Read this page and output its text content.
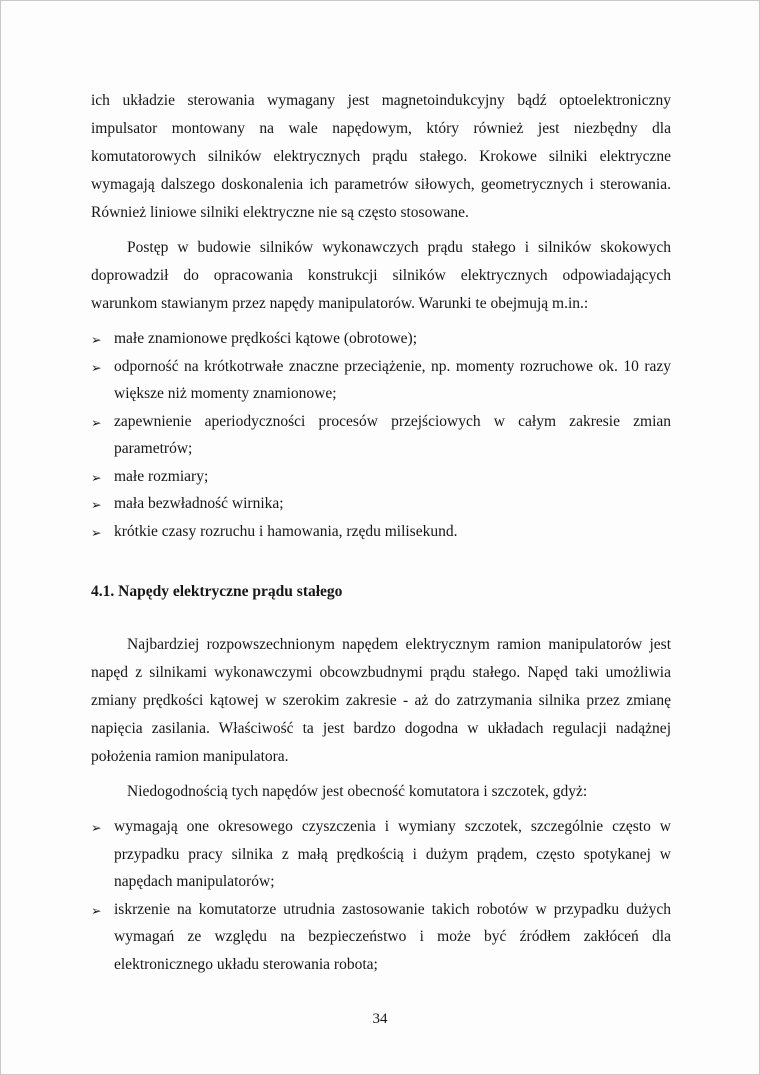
ich układzie sterowania wymagany jest magnetoindukcyjny bądź optoelektroniczny impulsator montowany na wale napędowym, który również jest niezbędny dla komutatorowych silników elektrycznych prądu stałego. Krokowe silniki elektryczne wymagają dalszego doskonalenia ich parametrów siłowych, geometrycznych i sterowania. Również liniowe silniki elektryczne nie są często stosowane.

Postęp w budowie silników wykonawczych prądu stałego i silników skokowych doprowadził do opracowania konstrukcji silników elektrycznych odpowiadających warunkom stawianym przez napędy manipulatorów. Warunki te obejmują m.in.:

➢ małe znamionowe prędkości kątowe (obrotowe);
➢ odporność na krótkotrwałe znaczne przeciążenie, np. momenty rozruchowe ok. 10 razy większe niż momenty znamionowe;
➢ zapewnienie aperiodyczności procesów przejściowych w całym zakresie zmian parametrów;
➢ małe rozmiary;
➢ mała bezwładność wirnika;
➢ krótkie czasy rozruchu i hamowania, rzędu milisekund.
4.1. Napędy elektryczne prądu stałego

Najbardziej rozpowszechnionym napędem elektrycznym ramion manipulatorów jest napęd z silnikami wykonawczymi obcowzbudnymi prądu stałego. Napęd taki umożliwia zmiany prędkości kątowej w szerokim zakresie - aż do zatrzymania silnika przez zmianę napięcia zasilania. Właściwość ta jest bardzo dogodna w układach regulacji nadążnej położenia ramion manipulatora.

Niedogodnością tych napędów jest obecność komutatora i szczotek, gdyż:

➢ wymagają one okresowego czyszczenia i wymiany szczotek, szczególnie często w przypadku pracy silnika z małą prędkością i dużym prądem, często spotykanej w napędach manipulatorów;
➢ iskrzenie na komutatorze utrudnia zastosowanie takich robotów w przypadku dużych wymagań ze względu na bezpieczeństwo i może być źródłem zakłóceń dla elektronicznego układu sterowania robota;
34
